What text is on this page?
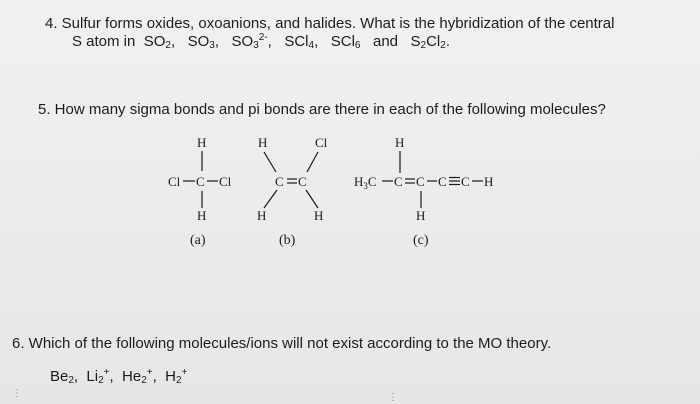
4. Sulfur forms oxides, oxoanions, and halides. What is the hybridization of the central
S atom in  $SO_2$,   $SO_3$,   $SO_3^{2-}$,   SCl$_4$,   SCl$_6$   and   $S_2Cl_2$.
5. How many sigma bonds and pi bonds are there in each of the following molecules?
H
Cl C Cl
H
(a)
H	Cl
C C
H	H
(b)
H
$H_3C$ C C C C H
H
(c)
6. Which of the following molecules/ions will not exist according to the MO theory.
$Be_2$,  $Li_2^+$,  $He_2^+$,  $H_2^+$
⋮	⋮
